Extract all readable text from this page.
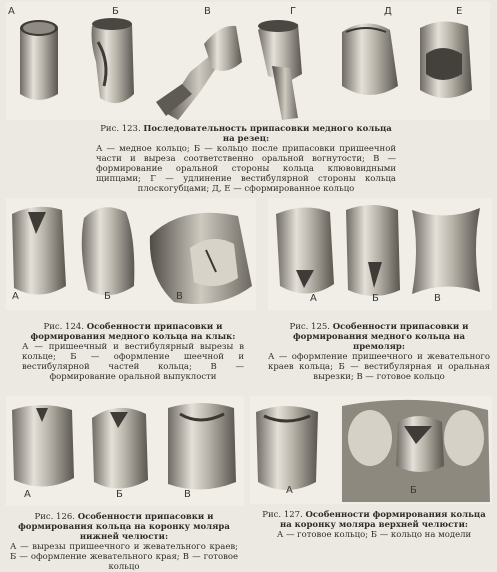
А	Б	В	Г	Д	Е
Рис. 123. Последовательность припасовки медного кольца на резец:
А — медное кольцо; Б — кольцо после припасовки пришеечной части и выреза соответственно оральной вогнутости; В — формирование оральной стороны кольца клювовидными щипцами; Г — удлинение вестибулярной стороны кольца плоскогубцами; Д, Е — сформированное кольцо
А	Б	В
Рис. 124. Особенности припасовки и формирования медного кольца на клык:
А — пришеечный и вестибулярный вырезы в кольце; Б — оформление шеечной и вестибулярной частей кольца; В — формирование оральной выпуклости
А	Б	В
Рис. 125. Особенности припасовки и формирования медного кольца на премоляр:
А — оформление пришеечного и жевательного краев кольца; Б — вестибулярная и оральная вырезки; В — готовое кольцо
А	Б	В
Рис. 126. Особенности припасовки и формирования кольца на коронку моляра нижней челюсти:
А — вырезы пришеечного и жевательного краев; Б — оформление жевательного края; В — готовое кольцо
А	Б
Рис. 127. Особенности формирования кольца на коронку моляра верхней челюсти:
А — готовое кольцо; Б — кольцо на модели
